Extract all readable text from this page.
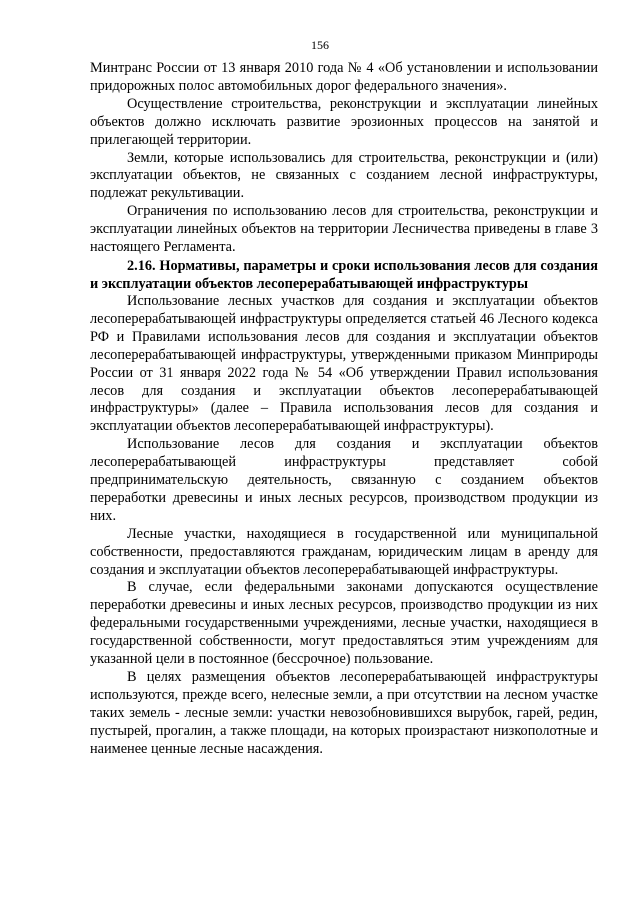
156

Минтранс России от 13 января 2010 года № 4 «Об установлении и использовании придорожных полос автомобильных дорог федерального значения».

Осуществление строительства, реконструкции и эксплуатации линейных объектов должно исключать развитие эрозионных процессов на занятой и прилегающей территории.

Земли, которые использовались для строительства, реконструкции и (или) эксплуатации объектов, не связанных с созданием лесной инфраструктуры, подлежат рекультивации.

Ограничения по использованию лесов для строительства, реконструкции и эксплуатации линейных объектов на территории Лесничества приведены в главе 3 настоящего Регламента.

2.16. Нормативы, параметры и сроки использования лесов для создания и эксплуатации объектов лесоперерабатывающей инфраструктуры

Использование лесных участков для создания и эксплуатации объектов лесоперерабатывающей инфраструктуры определяется статьей 46 Лесного кодекса РФ и Правилами использования лесов для создания и эксплуатации объектов лесоперерабатывающей инфраструктуры, утвержденными приказом Минприроды России от 31 января 2022 года № 54 «Об утверждении Правил использования лесов для создания и эксплуатации объектов лесоперерабатывающей инфраструктуры» (далее – Правила использования лесов для создания и эксплуатации объектов лесоперерабатывающей инфраструктуры).

Использование лесов для создания и эксплуатации объектов лесоперерабатывающей инфраструктуры представляет собой предпринимательскую деятельность, связанную с созданием объектов переработки древесины и иных лесных ресурсов, производством продукции из них.

Лесные участки, находящиеся в государственной или муниципальной собственности, предоставляются гражданам, юридическим лицам в аренду для создания и эксплуатации объектов лесоперерабатывающей инфраструктуры.

В случае, если федеральными законами допускаются осуществление переработки древесины и иных лесных ресурсов, производство продукции из них федеральными государственными учреждениями, лесные участки, находящиеся в государственной собственности, могут предоставляться этим учреждениям для указанной цели в постоянное (бессрочное) пользование.

В целях размещения объектов лесоперерабатывающей инфраструктуры используются, прежде всего, нелесные земли, а при отсутствии на лесном участке таких земель - лесные земли: участки невозобновившихся вырубок, гарей, редин, пустырей, прогалин, а также площади, на которых произрастают низкополотные и наименее ценные лесные насаждения.
